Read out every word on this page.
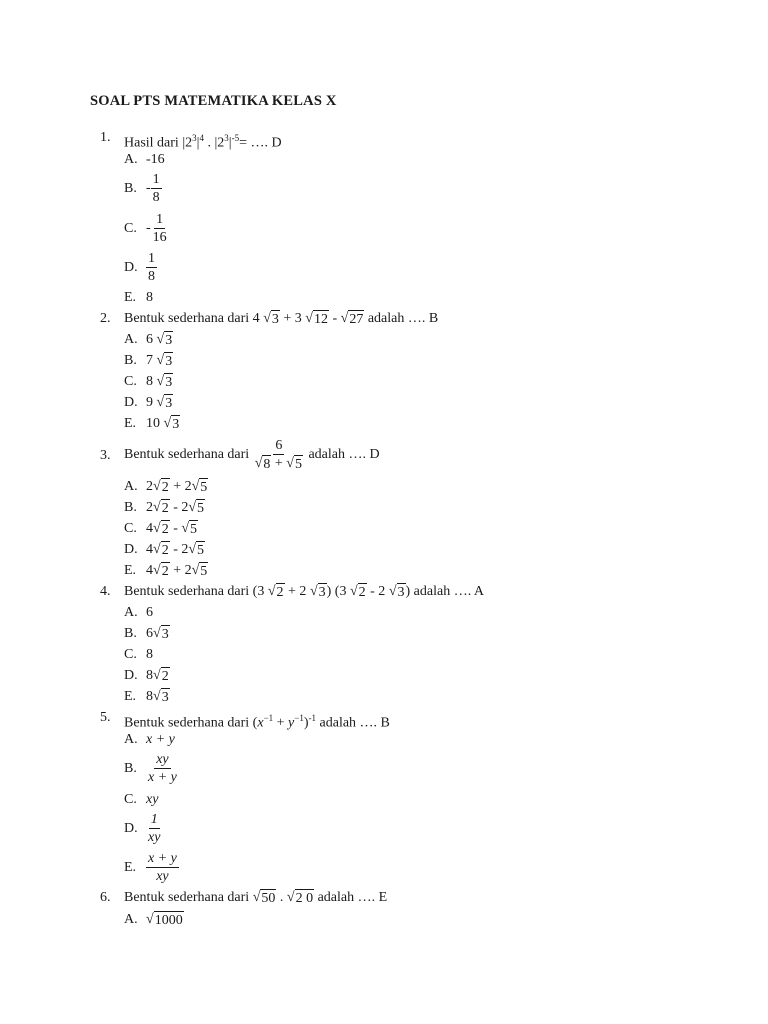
SOAL PTS MATEMATIKA KELAS X
1. Hasil dari $|2^3|^4$ . $|2^3|^{-5}=$ …. D
A. -16
B. - $\frac{1}{8}$
C. - $\frac{1}{16}$
D. $\frac{1}{8}$
E. 8
2. Bentuk sederhana dari 4 √ 3 + 3 √ 12 - √ 27 adalah …. B
A. 6 √ 3
B. 7 √ 3
C. 8 √ 3
D. 9 √ 3
E. 10 √ 3
3. Bentuk sederhana dari $\frac{6}{√ 8 + √ 5}$ adalah …. D
A. 2 √ 2 + 2 √ 5
B. 2 √ 2 - 2 √ 5
C. 4 √ 2 - √ 5
D. 4 √ 2 - 2 √ 5
E. 4 √ 2 + 2 √ 5
4. Bentuk sederhana dari (3 √ 2 + 2 √ 3 ) (3 √ 2 - 2 √ 3 ) adalah …. A
A. 6
B. 6 √ 3
C. 8
D. 8 √ 2
E. 8 √ 3
5. Bentuk sederhana dari $(x^{-1} + y^{-1})^{-1}$ adalah …. B
A. x + y
B. $\frac{xy}{x + y}$
C. xy
D. $\frac{1}{xy}$
E. $\frac{x + y}{xy}$
6. Bentuk sederhana dari √ 50 . √ 2 0 adalah …. E
A. √ 1000
